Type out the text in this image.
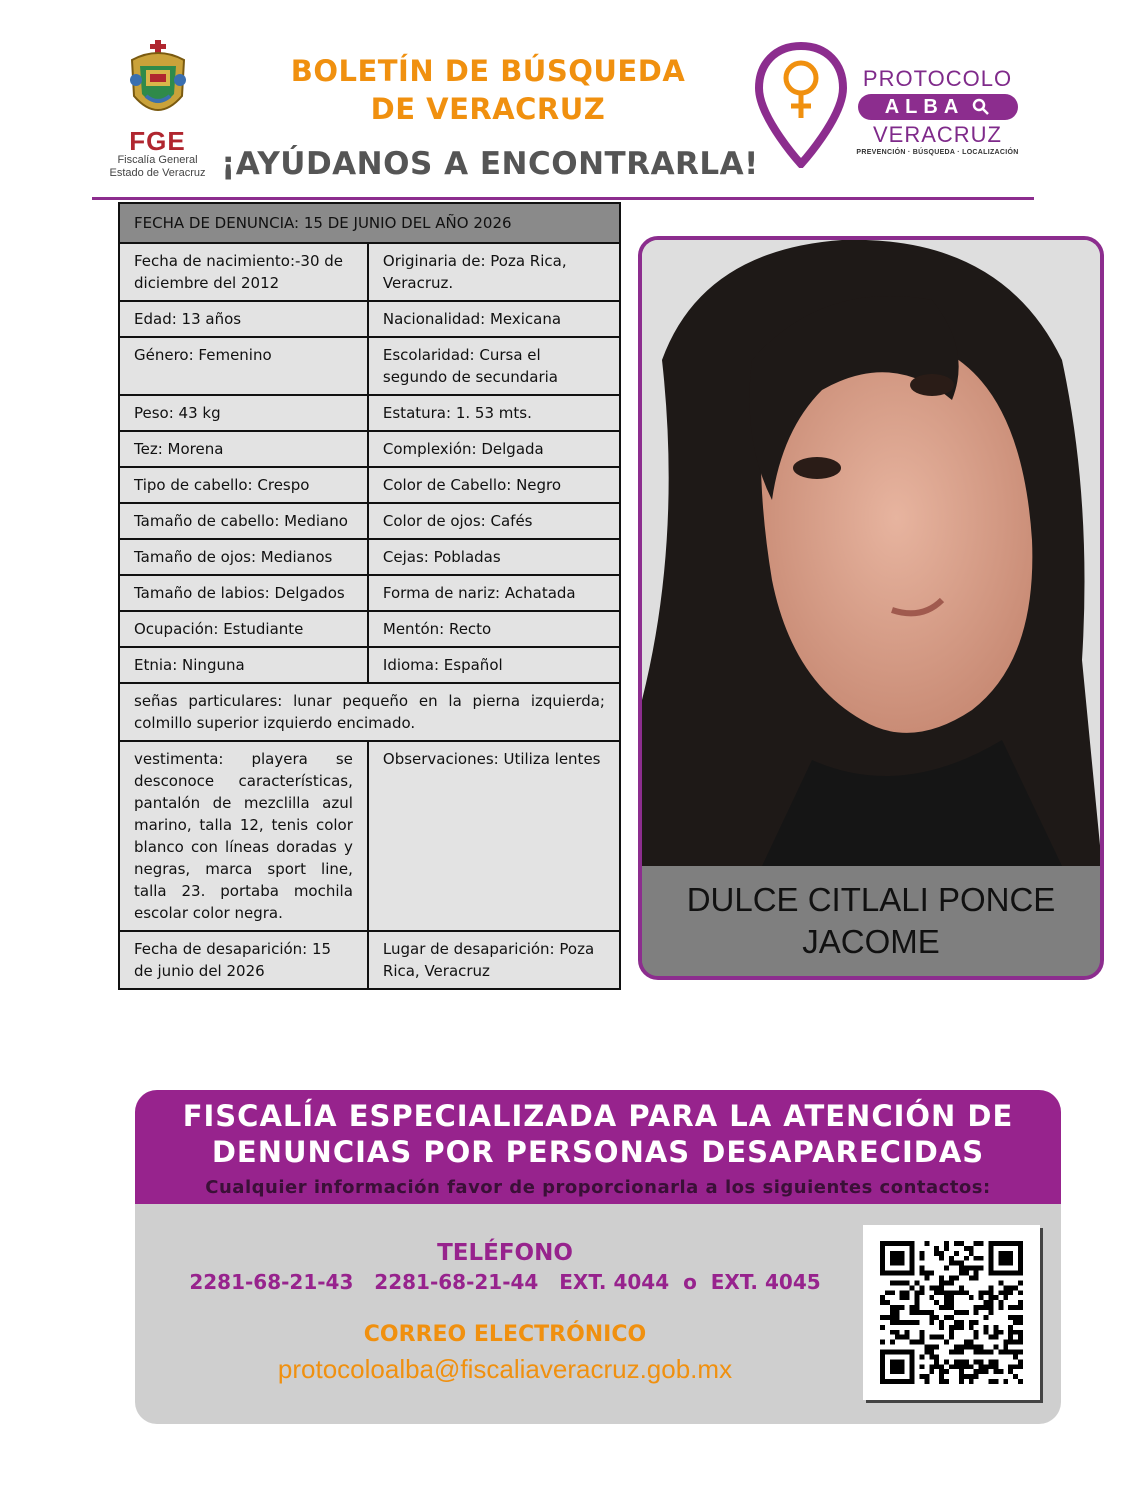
FGE
Fiscalía General
Estado de Veracruz
BOLETÍN DE BÚSQUEDA
DE VERACRUZ
¡AYÚDANOS A ENCONTRARLA!
PROTOCOLO
ALBA
VERACRUZ
PREVENCIÓN · BÚSQUEDA · LOCALIZACIÓN
FECHA DE DENUNCIA: 15 DE JUNIO DEL AÑO 2026	
Fecha de nacimiento:-30 de diciembre del 2012	Originaria de: Poza Rica, Veracruz.
Edad: 13 años	Nacionalidad: Mexicana
Género: Femenino	Escolaridad: Cursa el segundo de secundaria
Peso: 43 kg	Estatura: 1. 53 mts.
Tez: Morena	Complexión: Delgada
Tipo de cabello: Crespo	Color de Cabello: Negro
Tamaño de cabello: Mediano	Color de ojos: Cafés
Tamaño de ojos: Medianos	Cejas: Pobladas
Tamaño de labios: Delgados	Forma de nariz: Achatada
Ocupación: Estudiante	Mentón: Recto
Etnia: Ninguna	Idioma: Español
señas particulares: lunar pequeño en la pierna izquierda; colmillo superior izquierdo encimado.	
vestimenta: playera se desconoce características, pantalón de mezclilla azul marino, talla 12, tenis color blanco con líneas doradas y negras, marca sport line, talla 23. portaba mochila escolar color negra.	Observaciones: Utiliza lentes
Fecha de desaparición: 15 de junio del 2026	Lugar de desaparición: Poza Rica, Veracruz
DULCE CITLALI PONCE JACOME
FISCALÍA ESPECIALIZADA PARA LA ATENCIÓN DE
DENUNCIAS POR PERSONAS DESAPARECIDAS
Cualquier información favor de proporcionarla a los siguientes contactos:
TELÉFONO
2281-68-21-43   2281-68-21-44   EXT. 4044  o  EXT. 4045
CORREO ELECTRÓNICO
protocoloalba@fiscaliaveracruz.gob.mx
